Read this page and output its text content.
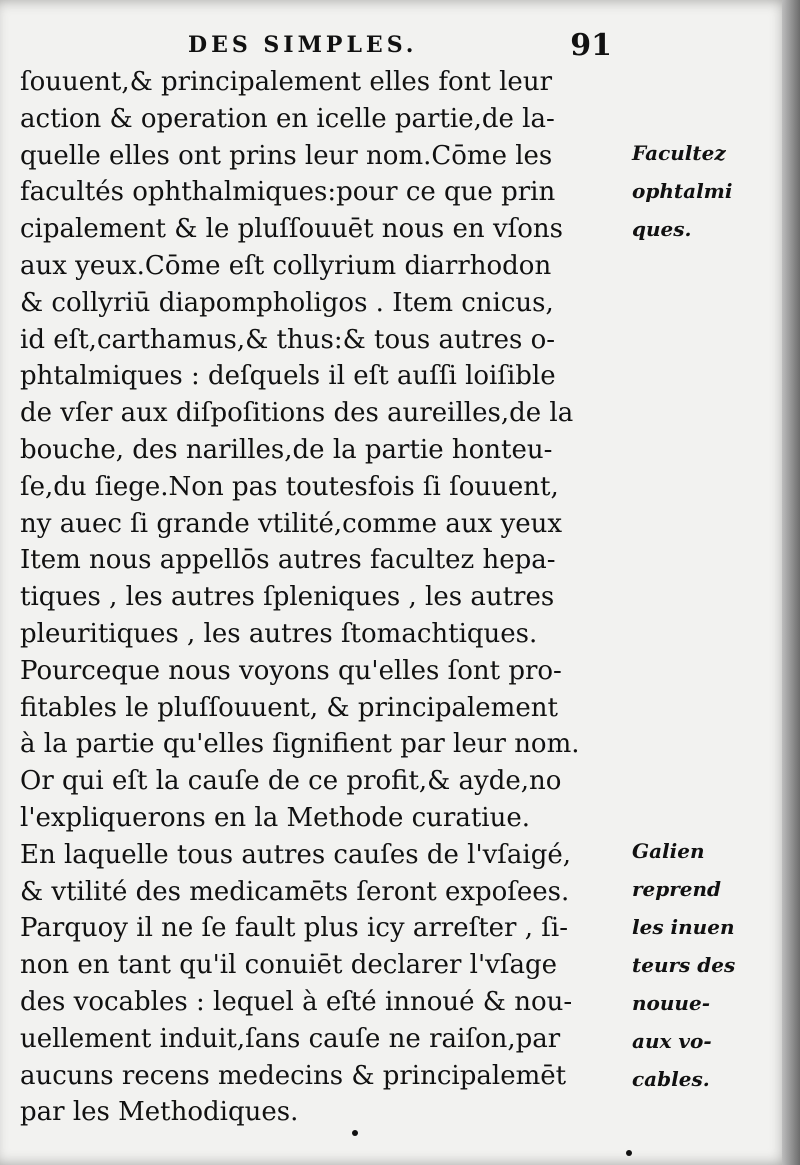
DES SIMPLES.	91
ſouuent,& principalement elles font leur
action & operation en icelle partie,de la-
quelle elles ont prins leur nom.Cōme les
facultés ophthalmiques:pour ce que prin
cipalement & le pluſſouuēt nous en vſons
aux yeux.Cōme eſt collyrium diarrhodon
& collyriū diapompholigos . Item cnicus,
id eſt,carthamus,& thus:& tous autres o-
phtalmiques : deſquels il eſt auſſi loiſible
de vſer aux diſpoſitions des aureilles,de la
bouche, des narilles,de la partie honteu-
ſe,du ſiege.Non pas toutesfois ſi ſouuent,
ny auec ſi grande vtilité,comme aux yeux
Item nous appellōs autres facultez hepa-
tiques , les autres ſpleniques , les autres
pleuritiques , les autres ſtomachtiques.
Pourceque nous voyons qu'elles ſont pro-
fitables le pluſſouuent, & principalement
à la partie qu'elles ſignifient par leur nom.
Or qui eſt la cauſe de ce profit,& ayde,no
l'expliquerons en la Methode curatiue.
En laquelle tous autres cauſes de l'vſaigé,
& vtilité des medicamēts ſeront expoſees.
Parquoy il ne ſe fault plus icy arreſter , ſi-
non en tant qu'il conuiēt declarer l'vſage
des vocables : lequel à eſté innoué & nou-
uellement induit,ſans cauſe ne raiſon,par
aucuns recens medecins & principalemēt
par les Methodiques.
Facultez
ophtalmi
ques.
Galien
reprend
les inuen
teurs des
nouue-
aux vo-
cables.
